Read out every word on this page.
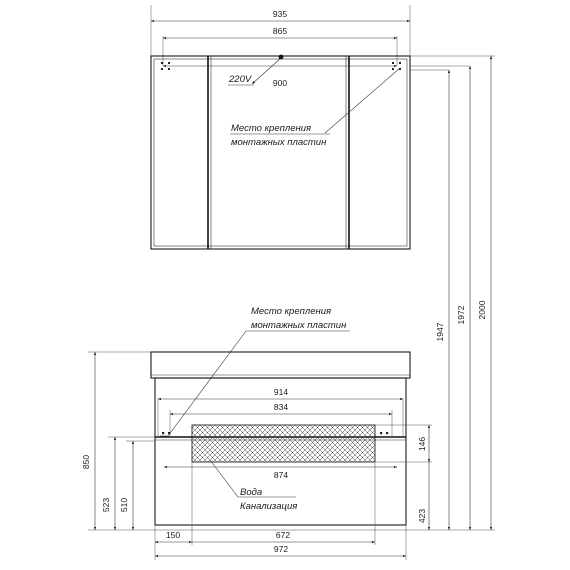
935
865
900
220V
Место крепления
монтажных пластин
1947
1972 2000
Место крепления
монтажных пластин
914
834
874
Вода
Канализация
850
523 510
146
423
150	672
972
